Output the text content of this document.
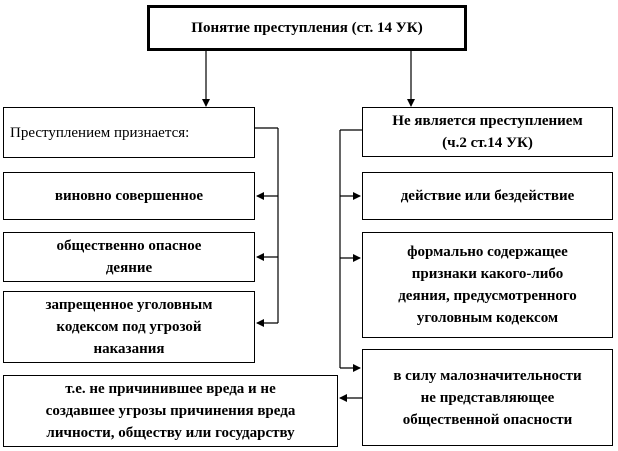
Понятие преступления (ст. 14 УК)
Преступлением признается:
виновно совершенное
общественно опасное
деяние
запрещенное уголовным
кодексом под угрозой
наказания
Не является преступлением
(ч.2 ст.14 УК)
действие или бездействие
формально содержащее
признаки какого-либо
деяния, предусмотренного
уголовным кодексом
в силу малозначительности
не представляющее
общественной опасности
т.е. не причинившее вреда и не
создавшее угрозы причинения вреда
личности, обществу или государству
